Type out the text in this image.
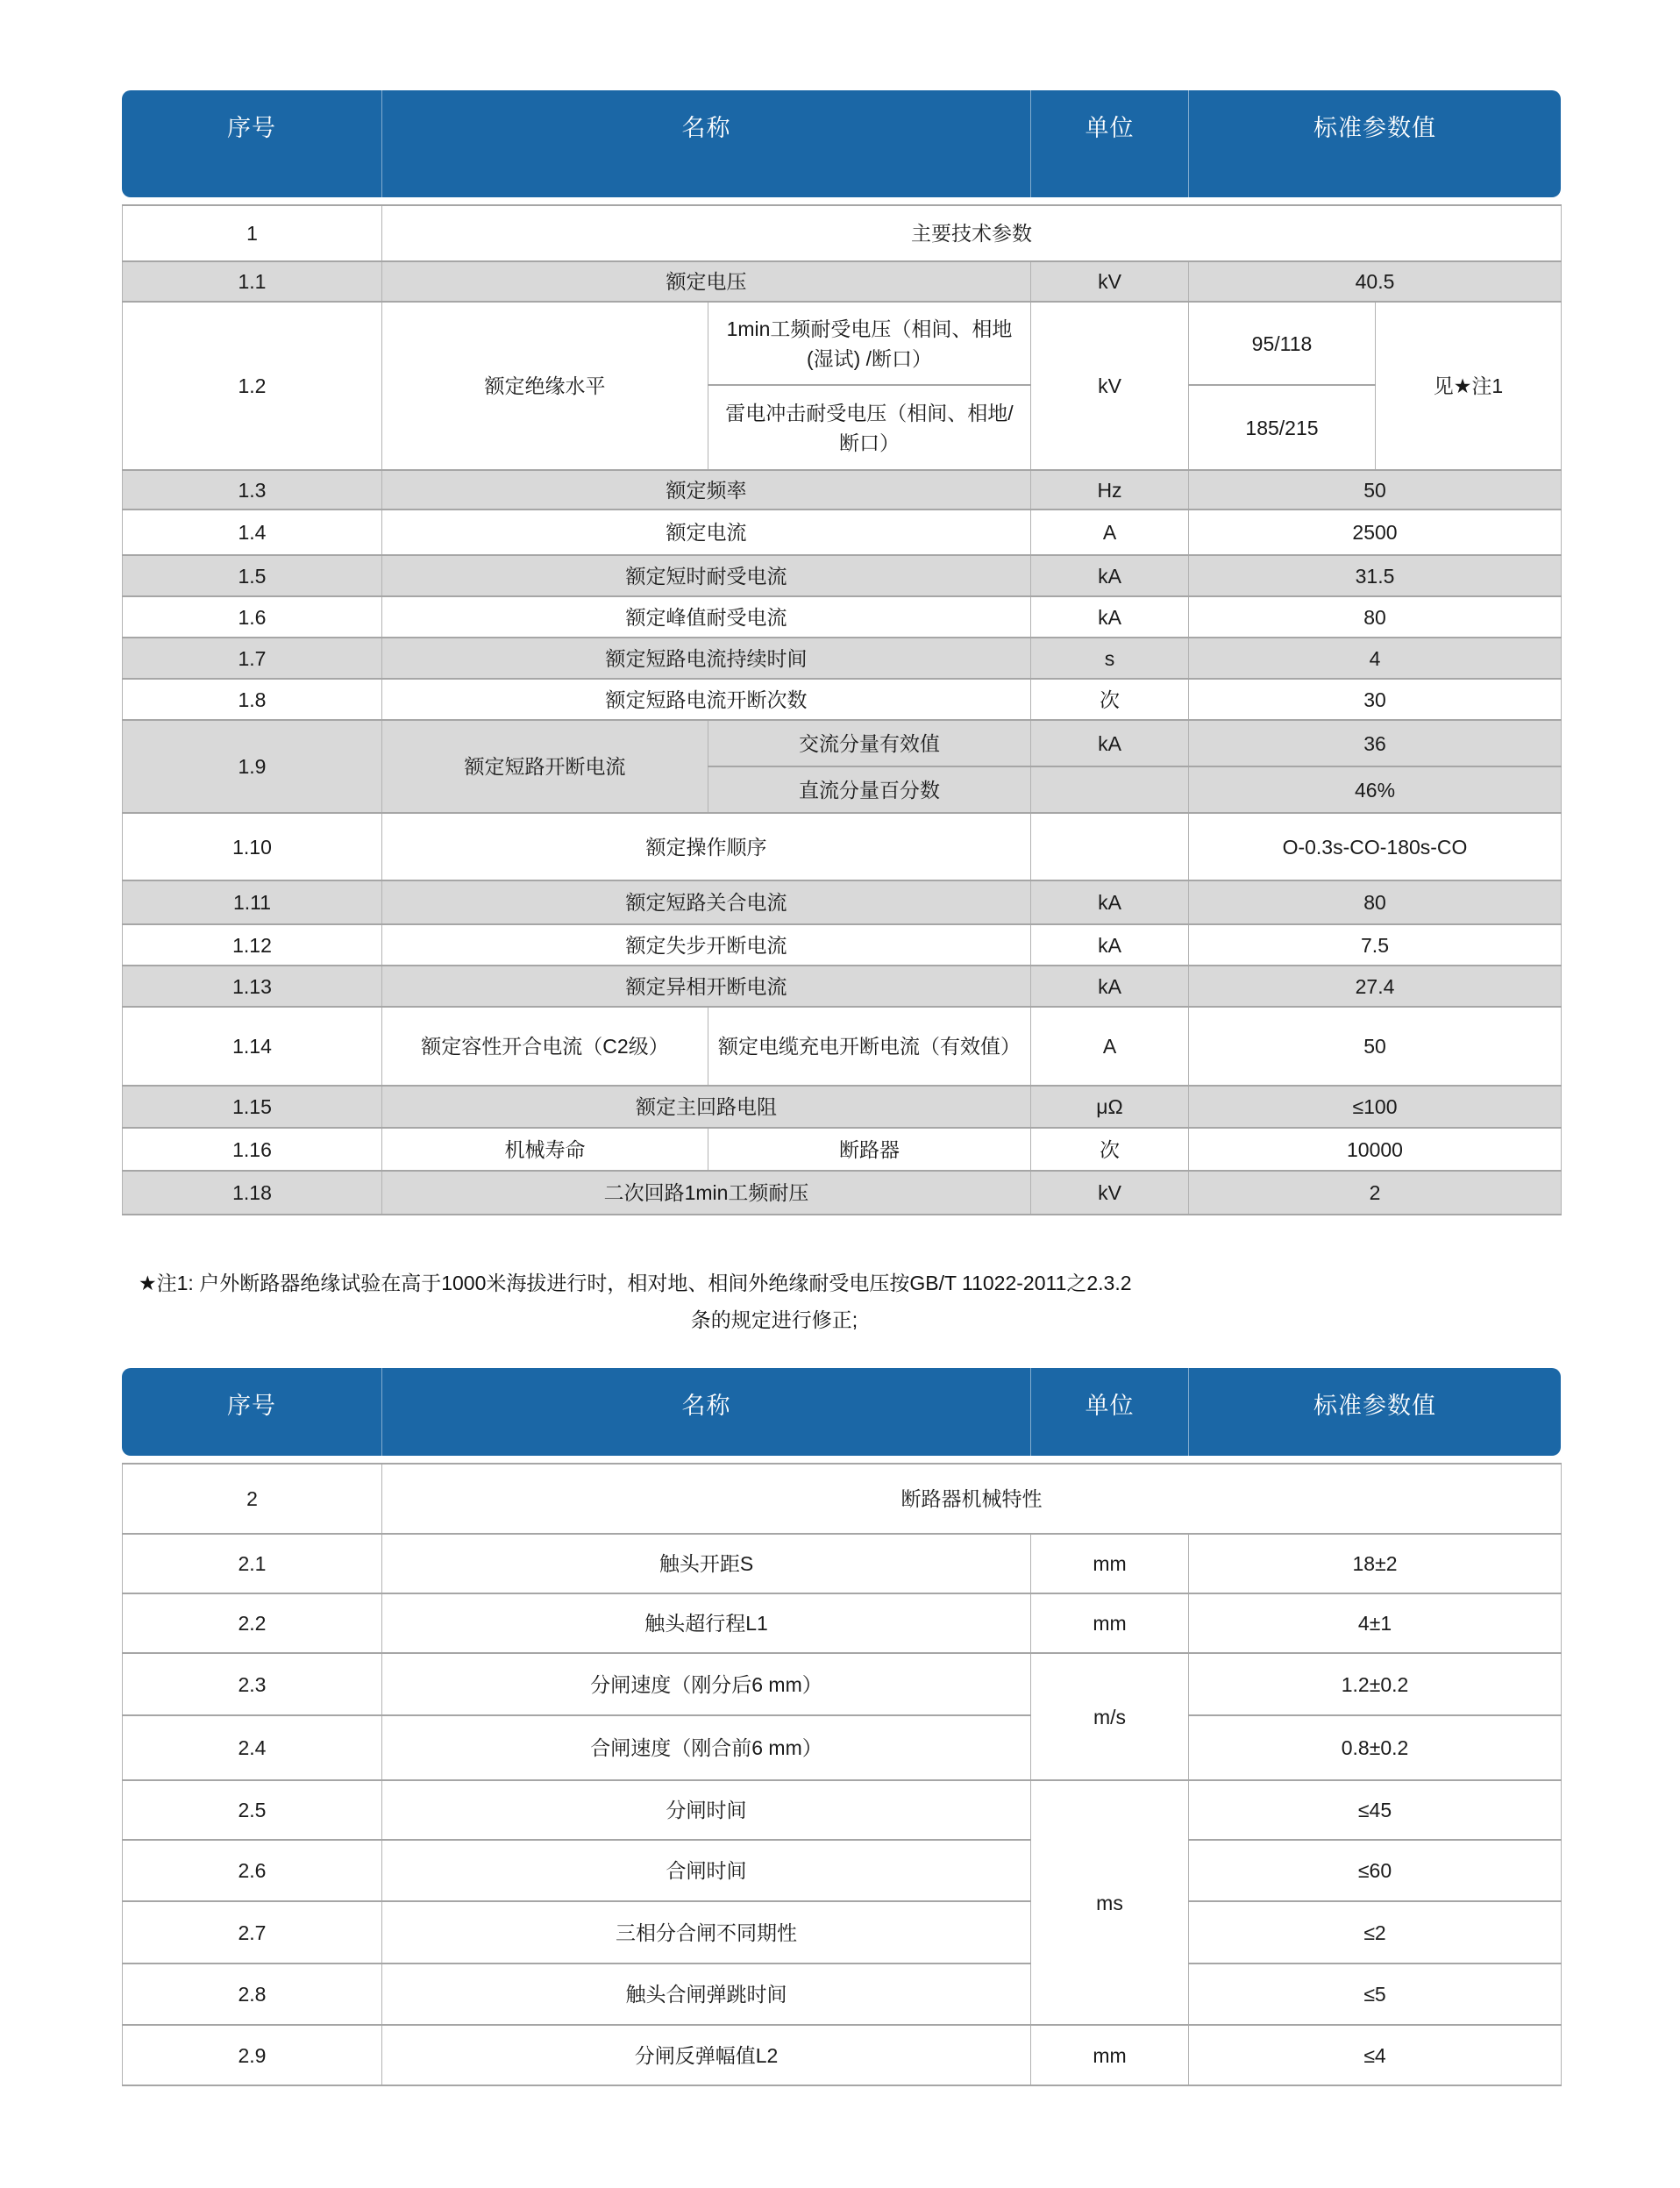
序号	名称	单位	标准参数值
1	主要技术参数				
1.1	额定电压		kV	40.5	
1.2	额定绝缘水平	1min工频耐受电压（相间、相地(湿试) /断口）	kV	95/118	见★注1
		雷电冲击耐受电压（相间、相地/断口）		185/215	
1.3	额定频率		Hz	50	
1.4	额定电流		A	2500	
1.5	额定短时耐受电流		kA	31.5	
1.6	额定峰值耐受电流		kA	80	
1.7	额定短路电流持续时间		s	4	
1.8	额定短路电流开断次数		次	30	
1.9	额定短路开断电流	交流分量有效值	kA	36	
		直流分量百分数		46%	
1.10	额定操作顺序			O-0.3s-CO-180s-CO	
1.11	额定短路关合电流		kA	80	
1.12	额定失步开断电流		kA	7.5	
1.13	额定异相开断电流		kA	27.4	
1.14	额定容性开合电流（C2级）	额定电缆充电开断电流（有效值）	A	50	
1.15	额定主回路电阻		μΩ	≤100	
1.16	机械寿命	断路器	次	10000	
1.18	二次回路1min工频耐压		kV	2	
★注1: 户外断路器绝缘试验在高于1000米海拔进行时，相对地、相间外绝缘耐受电压按GB/T 11022-2011之2.3.2
条的规定进行修正;
序号	名称	单位	标准参数值
2	断路器机械特性		
2.1	触头开距S	mm	18±2
2.2	触头超行程L1	mm	4±1
2.3	分闸速度（刚分后6 mm）	m/s	1.2±0.2
2.4	合闸速度（刚合前6 mm）		0.8±0.2
2.5	分闸时间	ms	≤45
2.6	合闸时间		≤60
2.7	三相分合闸不同期性		≤2
2.8	触头合闸弹跳时间		≤5
2.9	分闸反弹幅值L2	mm	≤4
